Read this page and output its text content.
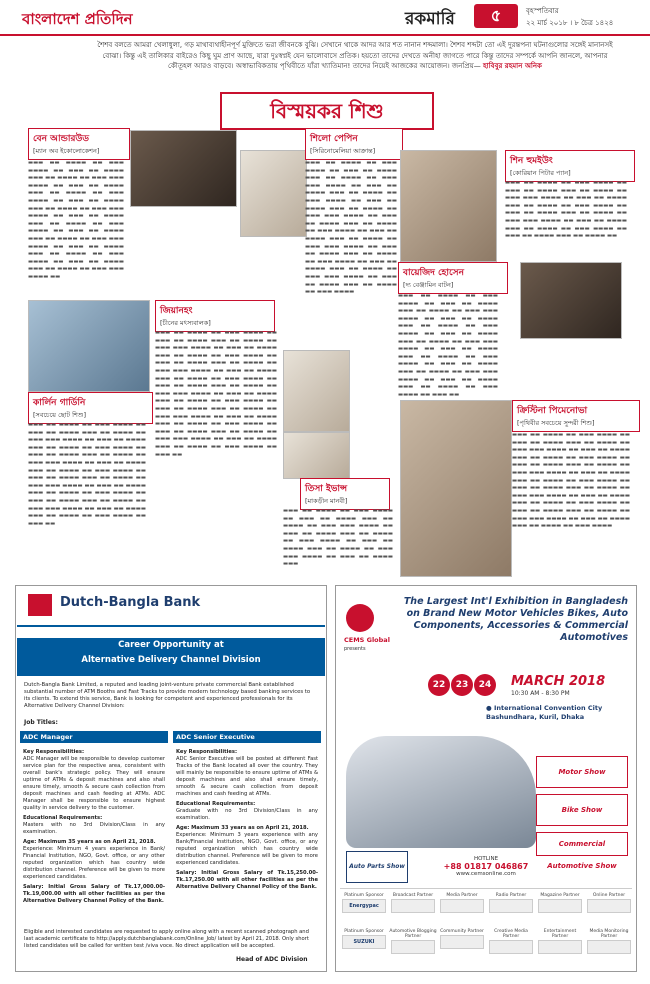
বাংলাদেশ প্রতিদিন	রকমারি	৫	বৃহস্পতিবার
২২ মার্চ ২০১৮ । ৮ চৈত্র ১৪২৪
শৈশব বলতে আমরা খেলাধুলা, গড় মাথাব্যথাহীনপূর্ণ মুক্তিতে ভরা জীবনকে বুঝি। সেখানে থাকে আদর আর শত নানান শব্দমালা। শৈশব শব্দটা তো এই দুরন্তপনা ঘটনাগুলোর সঙ্গেই মানানসই বোঝা। কিন্তু এই তালিকার বাইরেও কিছু ঘুম প্রাণ আছে, যারা দুঃস্বপ্নই যেন ভালোবাসে প্রতিক। হয়তো তাদের দেখতে অনীহা জাগতে পারে কিন্তু তাদের সম্পর্কে আপনি জানলে, আপনার কৌতূহল আরও বাড়বে। অস্বাভাবিকতায় পৃথিবীতে যাঁরা খ্যাতিমান! তাদের নিয়েই আজকের আয়োজন। জনপ্রিয়— হাবিবুর রহমান অনিক
বিস্ময়কর শিশু
বেন আন্ডারউড
[ম্যান অব ইকোলোকেশন]
▬▬▬ ▬▬ ▬▬▬▬ ▬▬ ▬▬▬ ▬▬▬▬ ▬▬ ▬▬▬ ▬▬ ▬▬▬▬ ▬▬▬ ▬▬ ▬▬▬▬ ▬▬ ▬▬▬ ▬▬▬ ▬▬▬▬ ▬▬ ▬▬▬ ▬▬ ▬▬▬▬ ▬▬▬ ▬▬ ▬▬▬▬ ▬▬ ▬▬▬ ▬▬▬▬ ▬▬ ▬▬▬ ▬▬ ▬▬▬▬ ▬▬▬ ▬▬ ▬▬▬▬ ▬▬ ▬▬▬ ▬▬▬ ▬▬▬▬ ▬▬ ▬▬▬ ▬▬ ▬▬▬▬ ▬▬▬ ▬▬ ▬▬▬▬ ▬▬ ▬▬▬ ▬▬▬▬ ▬▬ ▬▬▬ ▬▬ ▬▬▬▬ ▬▬▬ ▬▬ ▬▬▬▬ ▬▬ ▬▬▬ ▬▬▬ ▬▬▬▬ ▬▬ ▬▬▬ ▬▬ ▬▬▬▬ ▬▬▬ ▬▬ ▬▬▬▬ ▬▬ ▬▬▬ ▬▬▬▬ ▬▬ ▬▬▬ ▬▬ ▬▬▬▬ ▬▬▬ ▬▬ ▬▬▬▬ ▬▬ ▬▬▬ ▬▬▬ ▬▬▬▬ ▬▬
শিলো পেপিন
[সিরিনোমেলিয়া আক্রান্ত]
▬▬▬ ▬▬ ▬▬▬▬ ▬▬ ▬▬▬ ▬▬▬▬ ▬▬ ▬▬▬ ▬▬ ▬▬▬▬ ▬▬▬ ▬▬ ▬▬▬▬ ▬▬ ▬▬▬ ▬▬▬ ▬▬▬▬ ▬▬ ▬▬▬ ▬▬ ▬▬▬▬ ▬▬▬ ▬▬ ▬▬▬▬ ▬▬ ▬▬▬ ▬▬▬▬ ▬▬ ▬▬▬ ▬▬ ▬▬▬▬ ▬▬▬ ▬▬ ▬▬▬▬ ▬▬ ▬▬▬ ▬▬▬ ▬▬▬▬ ▬▬ ▬▬▬ ▬▬ ▬▬▬▬ ▬▬▬ ▬▬ ▬▬▬▬ ▬▬ ▬▬▬ ▬▬▬▬ ▬▬ ▬▬▬ ▬▬ ▬▬▬▬ ▬▬▬ ▬▬ ▬▬▬▬ ▬▬ ▬▬▬ ▬▬▬ ▬▬▬▬ ▬▬ ▬▬▬ ▬▬ ▬▬▬▬ ▬▬▬ ▬▬ ▬▬▬▬ ▬▬ ▬▬▬ ▬▬▬▬ ▬▬ ▬▬▬ ▬▬ ▬▬▬▬ ▬▬▬ ▬▬ ▬▬▬▬ ▬▬ ▬▬▬ ▬▬▬ ▬▬▬▬ ▬▬ ▬▬▬ ▬▬ ▬▬▬▬ ▬▬▬ ▬▬ ▬▬▬▬ ▬▬ ▬▬▬ ▬▬▬▬
বায়েজিদ হোসেন
[দ্য বেঞ্জামিন বাটন]
▬▬▬ ▬▬ ▬▬▬▬ ▬▬ ▬▬▬ ▬▬▬▬ ▬▬ ▬▬▬ ▬▬ ▬▬▬▬ ▬▬▬ ▬▬ ▬▬▬▬ ▬▬ ▬▬▬ ▬▬▬ ▬▬▬▬ ▬▬ ▬▬▬ ▬▬ ▬▬▬▬ ▬▬▬ ▬▬ ▬▬▬▬ ▬▬ ▬▬▬ ▬▬▬▬ ▬▬ ▬▬▬ ▬▬ ▬▬▬▬ ▬▬▬ ▬▬ ▬▬▬▬ ▬▬ ▬▬▬ ▬▬▬ ▬▬▬▬ ▬▬ ▬▬▬ ▬▬ ▬▬▬▬ ▬▬▬ ▬▬ ▬▬▬▬ ▬▬ ▬▬▬ ▬▬▬▬ ▬▬ ▬▬▬ ▬▬ ▬▬▬▬ ▬▬▬ ▬▬ ▬▬▬▬ ▬▬ ▬▬▬ ▬▬▬ ▬▬▬▬ ▬▬ ▬▬▬ ▬▬ ▬▬▬▬ ▬▬▬ ▬▬ ▬▬▬▬ ▬▬ ▬▬▬ ▬▬▬▬ ▬▬ ▬▬▬ ▬▬
শিন হুমইউং
[কোরিয়ান পিটার প্যান]
▬▬▬ ▬▬ ▬▬▬▬ ▬▬ ▬▬▬ ▬▬▬▬ ▬▬ ▬▬▬ ▬▬ ▬▬▬▬ ▬▬▬ ▬▬ ▬▬▬▬ ▬▬ ▬▬▬ ▬▬▬ ▬▬▬▬ ▬▬ ▬▬▬ ▬▬ ▬▬▬▬ ▬▬▬ ▬▬ ▬▬▬▬ ▬▬ ▬▬▬ ▬▬▬▬ ▬▬ ▬▬▬ ▬▬ ▬▬▬▬ ▬▬▬ ▬▬ ▬▬▬▬ ▬▬ ▬▬▬ ▬▬▬ ▬▬▬▬ ▬▬ ▬▬▬ ▬▬ ▬▬▬▬ ▬▬▬ ▬▬ ▬▬▬▬ ▬▬ ▬▬▬ ▬▬▬▬ ▬▬ ▬▬▬ ▬▬ ▬▬▬▬ ▬▬▬ ▬▬ ▬▬▬▬ ▬▬
জিয়ানহং
[চীনের মৎস্যবালক]
▬▬▬ ▬▬ ▬▬▬▬ ▬▬ ▬▬▬ ▬▬▬▬ ▬▬ ▬▬▬ ▬▬ ▬▬▬▬ ▬▬▬ ▬▬ ▬▬▬▬ ▬▬ ▬▬▬ ▬▬▬ ▬▬▬▬ ▬▬ ▬▬▬ ▬▬ ▬▬▬▬ ▬▬▬ ▬▬ ▬▬▬▬ ▬▬ ▬▬▬ ▬▬▬▬ ▬▬ ▬▬▬ ▬▬ ▬▬▬▬ ▬▬▬ ▬▬ ▬▬▬▬ ▬▬ ▬▬▬ ▬▬▬ ▬▬▬▬ ▬▬ ▬▬▬ ▬▬ ▬▬▬▬ ▬▬▬ ▬▬ ▬▬▬▬ ▬▬ ▬▬▬ ▬▬▬▬ ▬▬ ▬▬▬ ▬▬ ▬▬▬▬ ▬▬▬ ▬▬ ▬▬▬▬ ▬▬ ▬▬▬ ▬▬▬ ▬▬▬▬ ▬▬ ▬▬▬ ▬▬ ▬▬▬▬ ▬▬▬ ▬▬ ▬▬▬▬ ▬▬ ▬▬▬ ▬▬▬▬ ▬▬ ▬▬▬ ▬▬ ▬▬▬▬ ▬▬▬ ▬▬ ▬▬▬▬ ▬▬ ▬▬▬ ▬▬▬ ▬▬▬▬ ▬▬ ▬▬▬ ▬▬ ▬▬▬▬ ▬▬▬ ▬▬ ▬▬▬▬ ▬▬ ▬▬▬ ▬▬▬▬ ▬▬ ▬▬▬ ▬▬ ▬▬▬▬ ▬▬▬ ▬▬ ▬▬▬▬ ▬▬ ▬▬▬ ▬▬▬ ▬▬▬▬ ▬▬ ▬▬▬ ▬▬ ▬▬▬▬ ▬▬▬ ▬▬ ▬▬▬▬ ▬▬ ▬▬▬ ▬▬▬▬ ▬▬ ▬▬▬ ▬▬
তিসা ইভান্স
[মাকড়ীন মানবী]
▬▬▬ ▬▬ ▬▬▬▬ ▬▬ ▬▬▬ ▬▬▬▬ ▬▬ ▬▬▬ ▬▬ ▬▬▬▬ ▬▬▬ ▬▬ ▬▬▬▬ ▬▬ ▬▬▬ ▬▬▬ ▬▬▬▬ ▬▬ ▬▬▬ ▬▬ ▬▬▬▬ ▬▬▬ ▬▬ ▬▬▬▬ ▬▬ ▬▬▬ ▬▬▬▬ ▬▬ ▬▬▬ ▬▬ ▬▬▬▬ ▬▬▬ ▬▬ ▬▬▬▬ ▬▬ ▬▬▬ ▬▬▬ ▬▬▬▬ ▬▬ ▬▬▬ ▬▬ ▬▬▬▬ ▬▬▬
কার্লিন গার্ডিনি
[সবচেয়ে ছোট শিশু]
▬▬▬ ▬▬ ▬▬▬▬ ▬▬ ▬▬▬ ▬▬▬▬ ▬▬ ▬▬▬ ▬▬ ▬▬▬▬ ▬▬▬ ▬▬ ▬▬▬▬ ▬▬ ▬▬▬ ▬▬▬ ▬▬▬▬ ▬▬ ▬▬▬ ▬▬ ▬▬▬▬ ▬▬▬ ▬▬ ▬▬▬▬ ▬▬ ▬▬▬ ▬▬▬▬ ▬▬ ▬▬▬ ▬▬ ▬▬▬▬ ▬▬▬ ▬▬ ▬▬▬▬ ▬▬ ▬▬▬ ▬▬▬ ▬▬▬▬ ▬▬ ▬▬▬ ▬▬ ▬▬▬▬ ▬▬▬ ▬▬ ▬▬▬▬ ▬▬ ▬▬▬ ▬▬▬▬ ▬▬ ▬▬▬ ▬▬ ▬▬▬▬ ▬▬▬ ▬▬ ▬▬▬▬ ▬▬ ▬▬▬ ▬▬▬ ▬▬▬▬ ▬▬ ▬▬▬ ▬▬ ▬▬▬▬ ▬▬▬ ▬▬ ▬▬▬▬ ▬▬ ▬▬▬ ▬▬▬▬ ▬▬ ▬▬▬ ▬▬ ▬▬▬▬ ▬▬▬ ▬▬ ▬▬▬▬ ▬▬ ▬▬▬ ▬▬▬ ▬▬▬▬ ▬▬ ▬▬▬ ▬▬ ▬▬▬▬ ▬▬▬ ▬▬ ▬▬▬▬ ▬▬ ▬▬▬ ▬▬▬▬ ▬▬ ▬▬▬ ▬▬
ক্রিস্টিনা পিমেনোভা
[পৃথিবীর সবচেয়ে সুন্দরী শিশু]
▬▬▬ ▬▬ ▬▬▬▬ ▬▬ ▬▬▬ ▬▬▬▬ ▬▬ ▬▬▬ ▬▬ ▬▬▬▬ ▬▬▬ ▬▬ ▬▬▬▬ ▬▬ ▬▬▬ ▬▬▬ ▬▬▬▬ ▬▬ ▬▬▬ ▬▬ ▬▬▬▬ ▬▬▬ ▬▬ ▬▬▬▬ ▬▬ ▬▬▬ ▬▬▬▬ ▬▬ ▬▬▬ ▬▬ ▬▬▬▬ ▬▬▬ ▬▬ ▬▬▬▬ ▬▬ ▬▬▬ ▬▬▬ ▬▬▬▬ ▬▬ ▬▬▬ ▬▬ ▬▬▬▬ ▬▬▬ ▬▬ ▬▬▬▬ ▬▬ ▬▬▬ ▬▬▬▬ ▬▬ ▬▬▬ ▬▬ ▬▬▬▬ ▬▬▬ ▬▬ ▬▬▬▬ ▬▬ ▬▬▬ ▬▬▬ ▬▬▬▬ ▬▬ ▬▬▬ ▬▬ ▬▬▬▬ ▬▬▬ ▬▬ ▬▬▬▬ ▬▬ ▬▬▬ ▬▬▬▬ ▬▬ ▬▬▬ ▬▬ ▬▬▬▬ ▬▬▬ ▬▬ ▬▬▬▬ ▬▬ ▬▬▬ ▬▬▬ ▬▬▬▬ ▬▬ ▬▬▬ ▬▬ ▬▬▬▬ ▬▬▬ ▬▬ ▬▬▬▬ ▬▬ ▬▬▬ ▬▬▬▬
Dutch-Bangla Bank
Career Opportunity at
Alternative Delivery Channel Division
Dutch-Bangla Bank Limited, a reputed and leading joint-venture private commercial Bank established substantial number of ATM Booths and Fast Tracks to provide modern technology based banking services to its clients. To extend this service, Bank is looking for competent and experienced professionals for its Alternative Delivery Channel Division:
Job Titles:
ADC Manager
Key Responsibilities:
ADC Manager will be responsible to develop customer service plan for the respective area, consistent with overall bank's strategic policy. They will ensure uptime of ATMs & deposit machines and also shall ensure timely, smooth & secure cash collection from deposit machines and cash feeding at ATMs. ADC Manager shall be responsible to ensure highest quality in service delivery to the customer.
Educational Requirements:
Masters with no 3rd Division/Class in any examination.
Age: Maximum 35 years as on April 21, 2018.
Experience: Minimum 4 years experience in Bank/ Financial Institution, NGO, Govt. office, or any other reputed organization which has country wide distribution channel. Preference will be given to more experienced candidates.
Salary: Initial Gross Salary of Tk.17,000.00-Tk.19,000.00 with all other facilities as per the Alternative Delivery Channel Policy of the Bank.
ADC Senior Executive
Key Responsibilities:
ADC Senior Executive will be posted at different Fast Tracks of the Bank located all over the country. They will mainly be responsible to ensure uptime of ATMs & deposit machines and also shall ensure timely, smooth & secure cash collection from deposit machines and cash feeding at ATMs.
Educational Requirements:
Graduate with no 3rd Division/Class in any examination.
Age: Maximum 33 years as on April 21, 2018.
Experience: Minimum 3 years experience with any Bank/Financial Institution, NGO, Govt. office, or any reputed organization which has country wide distribution channel. Preference will be given to more experienced candidates.
Salary: Initial Gross Salary of Tk.15,250.00-Tk.17,250.00 with all other facilities as per the Alternative Delivery Channel Policy of the Bank.
Eligible and interested candidates are requested to apply online along with a recent scanned photograph and last academic certificate to http://apply.dutchbanglabank.com/Online_Job/ latest by April 21, 2018. Only short listed candidates will be called for written test /viva voce. No direct application will be accepted.
Head of ADC Division
CEMS Global
presents
The Largest Int'l Exhibition in Bangladesh on Brand New Motor Vehicles Bikes, Auto Components, Accessories & Commercial Automotives
22 23 24	MARCH 2018
10:30 AM - 8:30 PM
● International Convention City Bashundhara, Kuril, Dhaka
Motor Show
Bike Show
Commercial Automotive Show
Auto Parts Show
HOTLINE
+88 01817 046867
www.cemsonline.com
Platinum Sponsor
Energypac
Broadcast Partner	Media Partner	Radio Partner	Magazine Partner	Online Partner
Platinum Sponsor
SUZUKI
Automotive Blogging Partner
Community Partner	Creative Media Partner
Entertainment Partner
Media Monitoring Partner
